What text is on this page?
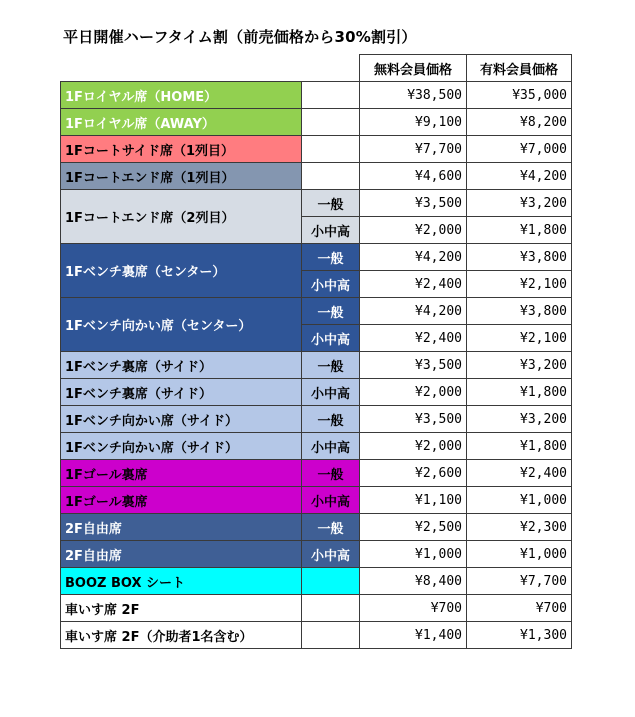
平日開催ハーフタイム割（前売価格から30%割引）
		無料会員価格	有料会員価格
1Fロイヤル席（HOME）		¥38,500	¥35,000
1Fロイヤル席（AWAY）		¥9,100	¥8,200
1Fコートサイド席（1列目）		¥7,700	¥7,000
1Fコートエンド席（1列目）		¥4,600	¥4,200
1Fコートエンド席（2列目）	一般	¥3,500	¥3,200
	小中高	¥2,000	¥1,800
1Fベンチ裏席（センター）	一般	¥4,200	¥3,800
	小中高	¥2,400	¥2,100
1Fベンチ向かい席（センター）	一般	¥4,200	¥3,800
	小中高	¥2,400	¥2,100
1Fベンチ裏席（サイド）	一般	¥3,500	¥3,200
1Fベンチ裏席（サイド）	小中高	¥2,000	¥1,800
1Fベンチ向かい席（サイド）	一般	¥3,500	¥3,200
1Fベンチ向かい席（サイド）	小中高	¥2,000	¥1,800
1Fゴール裏席	一般	¥2,600	¥2,400
1Fゴール裏席	小中高	¥1,100	¥1,000
2F自由席	一般	¥2,500	¥2,300
2F自由席	小中高	¥1,000	¥1,000
BOOZ BOX シート		¥8,400	¥7,700
車いす席 2F		¥700	¥700
車いす席 2F（介助者1名含む）		¥1,400	¥1,300
